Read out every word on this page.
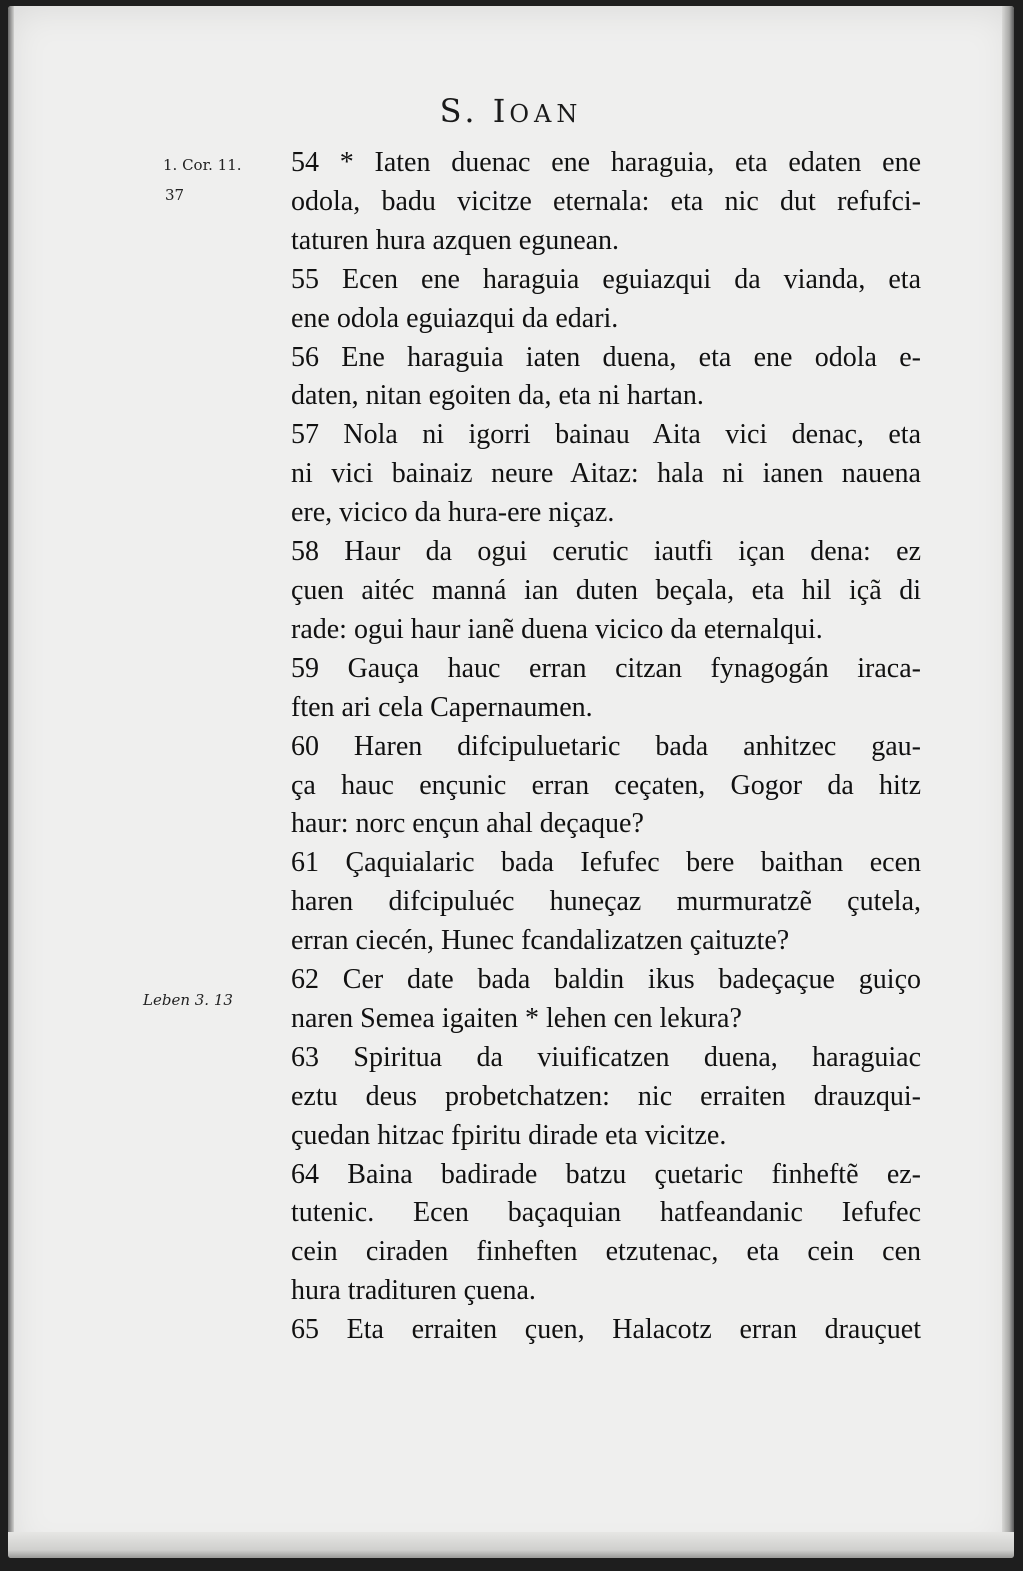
S. IOAN
1. Cor. 11.
37
Leben 3. 13
54 * Iaten duenac ene haraguia, eta edaten ene
odola, badu vicitze eternala: eta nic dut refufci-
taturen hura azquen egunean.
55 Ecen ene haraguia eguiazqui da vianda, eta
ene odola eguiazqui da edari.
56 Ene haraguia iaten duena, eta ene odola e-
daten, nitan egoiten da, eta ni hartan.
57 Nola ni igorri bainau Aita vici denac, eta
ni vici bainaiz neure Aitaz: hala ni ianen nauena
ere, vicico da hura-ere niçaz.
58 Haur da ogui cerutic iautfi içan dena: ez
çuen aitéc manná ian duten beçala, eta hil içã di
rade: ogui haur ianẽ duena vicico da eternalqui.
59 Gauça hauc erran citzan fynagogán iraca-
ften ari cela Capernaumen.
60 Haren difcipuluetaric bada anhitzec gau-
ça hauc ençunic erran ceçaten, Gogor da hitz
haur: norc ençun ahal deçaque?
61 Çaquialaric bada Iefufec bere baithan ecen
haren difcipuluéc huneçaz murmuratzẽ çutela,
erran ciecén, Hunec fcandalizatzen çaituzte?
62 Cer date bada baldin ikus badeçaçue guiço
naren Semea igaiten * lehen cen lekura?
63 Spiritua da viuificatzen duena, haraguiac
eztu deus probetchatzen: nic erraiten drauzqui-
çuedan hitzac fpiritu dirade eta vicitze.
64 Baina badirade batzu çuetaric finheftẽ ez-
tutenic. Ecen baçaquian hatfeandanic Iefufec
cein ciraden finheften etzutenac, eta cein cen
hura tradituren çuena.
65 Eta erraiten çuen, Halacotz erran drauçuet
